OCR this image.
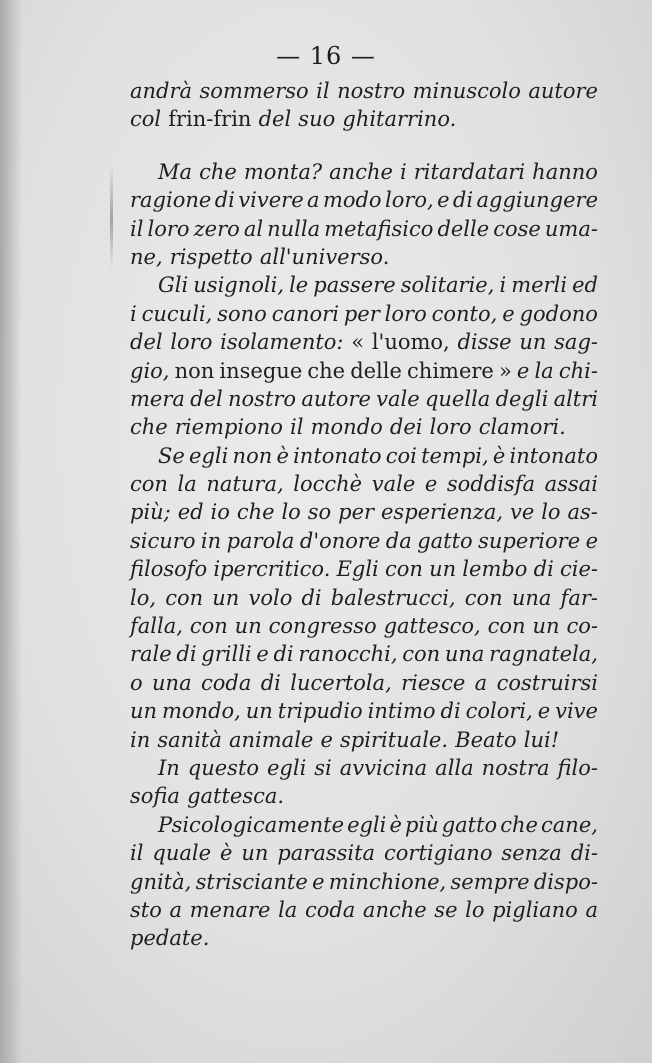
— 16 —
andrà sommerso il nostro minuscolo autore
col frin-frin del suo ghitarrino.
Ma che monta? anche i ritardatari hanno
ragione di vivere a modo loro, e di aggiungere
il loro zero al nulla metafisico delle cose uma-
ne, rispetto all'universo.
Gli usignoli, le passere solitarie, i merli ed
i cuculi, sono canori per loro conto, e godono
del loro isolamento: « l'uomo, disse un sag-
gio, non insegue che delle chimere » e la chi-
mera del nostro autore vale quella degli altri
che riempiono il mondo dei loro clamori.
Se egli non è intonato coi tempi, è intonato
con la natura, locchè vale e soddisfa assai
più; ed io che lo so per esperienza, ve lo as-
sicuro in parola d'onore da gatto superiore e
filosofo ipercritico. Egli con un lembo di cie-
lo, con un volo di balestrucci, con una far-
falla, con un congresso gattesco, con un co-
rale di grilli e di ranocchi, con una ragnatela,
o una coda di lucertola, riesce a costruirsi
un mondo, un tripudio intimo di colori, e vive
in sanità animale e spirituale. Beato lui!
In questo egli si avvicina alla nostra filo-
sofia gattesca.
Psicologicamente egli è più gatto che cane,
il quale è un parassita cortigiano senza di-
gnità, strisciante e minchione, sempre dispo-
sto a menare la coda anche se lo pigliano a
pedate.
